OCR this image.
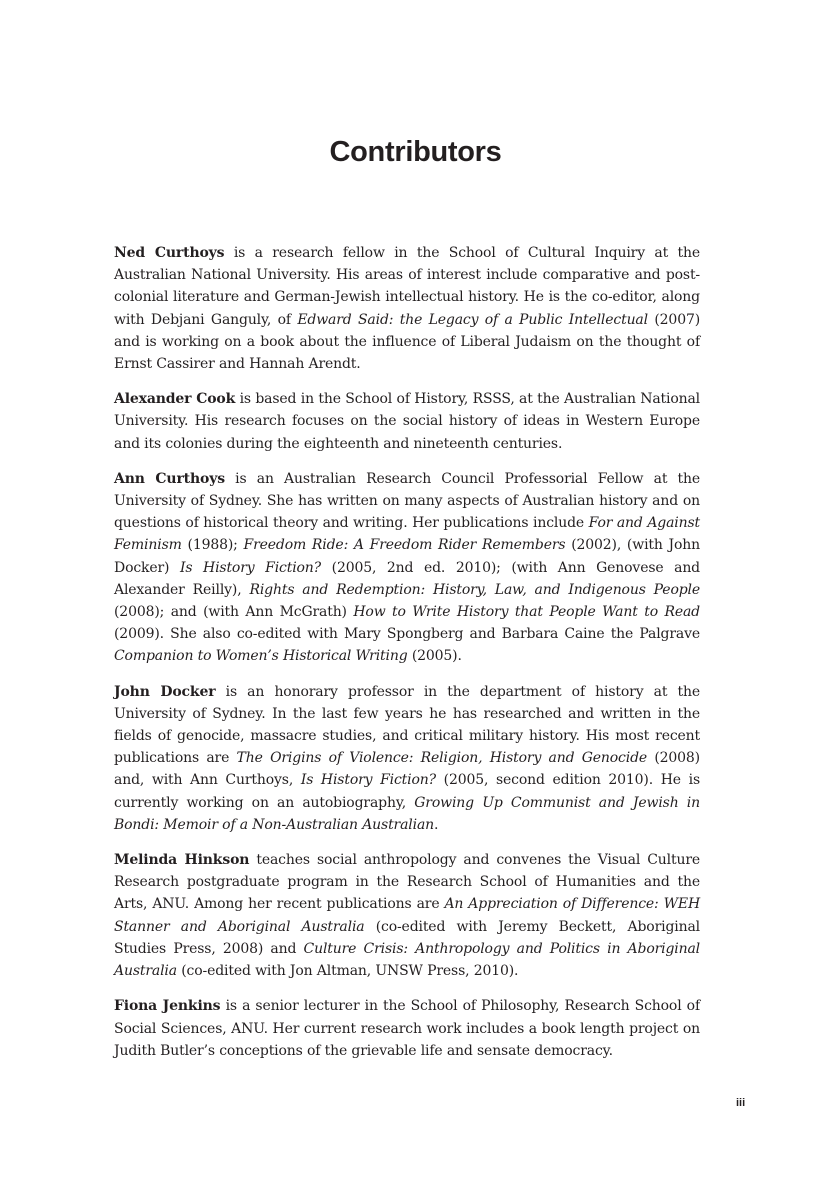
Contributors

Ned Curthoys is a research fellow in the School of Cultural Inquiry at the Australian National University. His areas of interest include comparative and post-colonial literature and German-Jewish intellectual history. He is the co-editor, along with Debjani Ganguly, of Edward Said: the Legacy of a Public Intellectual (2007) and is working on a book about the influence of Liberal Judaism on the thought of Ernst Cassirer and Hannah Arendt.

Alexander Cook is based in the School of History, RSSS, at the Australian National University. His research focuses on the social history of ideas in Western Europe and its colonies during the eighteenth and nineteenth centuries.

Ann Curthoys is an Australian Research Council Professorial Fellow at the University of Sydney. She has written on many aspects of Australian history and on questions of historical theory and writing. Her publications include For and Against Feminism (1988); Freedom Ride: A Freedom Rider Remembers (2002), (with John Docker) Is History Fiction? (2005, 2nd ed. 2010); (with Ann Genovese and Alexander Reilly), Rights and Redemption: History, Law, and Indigenous People (2008); and (with Ann McGrath) How to Write History that People Want to Read (2009). She also co-edited with Mary Spongberg and Barbara Caine the Palgrave Companion to Women’s Historical Writing (2005).

John Docker is an honorary professor in the department of history at the University of Sydney. In the last few years he has researched and written in the fields of genocide, massacre studies, and critical military history. His most recent publications are The Origins of Violence: Religion, History and Genocide (2008) and, with Ann Curthoys, Is History Fiction? (2005, second edition 2010). He is currently working on an autobiography, Growing Up Communist and Jewish in Bondi: Memoir of a Non-Australian Australian.

Melinda Hinkson teaches social anthropology and convenes the Visual Culture Research postgraduate program in the Research School of Humanities and the Arts, ANU. Among her recent publications are An Appreciation of Difference: WEH Stanner and Aboriginal Australia (co-edited with Jeremy Beckett, Aboriginal Studies Press, 2008) and Culture Crisis: Anthropology and Politics in Aboriginal Australia (co-edited with Jon Altman, UNSW Press, 2010).

Fiona Jenkins is a senior lecturer in the School of Philosophy, Research School of Social Sciences, ANU. Her current research work includes a book length project on Judith Butler’s conceptions of the grievable life and sensate democracy.

iii
